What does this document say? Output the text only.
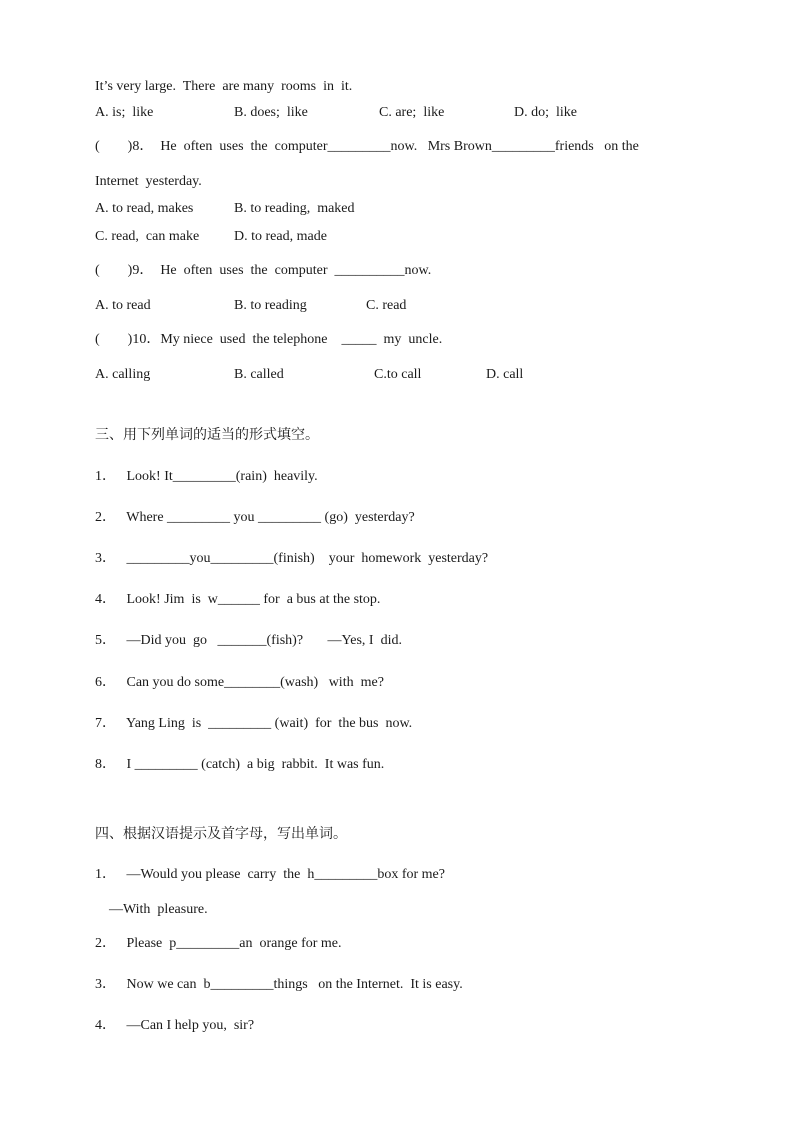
It’s very large.  There  are many  rooms  in  it.
A. is;  like	B. does;  like	C. are;  like	D. do;  like
(        )8．  He  often  uses  the  computer_________now.   Mrs Brown_________friends   on the
Internet  yesterday.
A. to read, makes	B. to reading,  maked
C. read,  can make D. to read, made
(        )9．  He  often  uses  the  computer  __________now.
A. to read	B. to reading	C. read
(        )10．My niece  used  the telephone    _____  my  uncle.
A. calling	B. called	C.to call	D. call
三、用下列单词的适当的形式填空。
1．   Look! It_________(rain)  heavily.
2．   Where _________ you _________ (go)  yesterday?
3．   _________you_________(finish)    your  homework  yesterday?
4．   Look! Jim  is  w______ for  a bus at the stop.
5．   —Did you  go   _______(fish)?       —Yes, I  did.
6．   Can you do some________(wash)   with  me?
7．   Yang Ling  is  _________ (wait)  for  the bus  now.
8．   I _________ (catch)  a big  rabbit.  It was fun.
四、根据汉语提示及首字母，写出单词。
1．   —Would you please  carry  the  h_________box for me?
—With  pleasure.
2．   Please  p_________an  orange for me.
3．   Now we can  b_________things   on the Internet.  It is easy.
4．   —Can I help you,  sir?
